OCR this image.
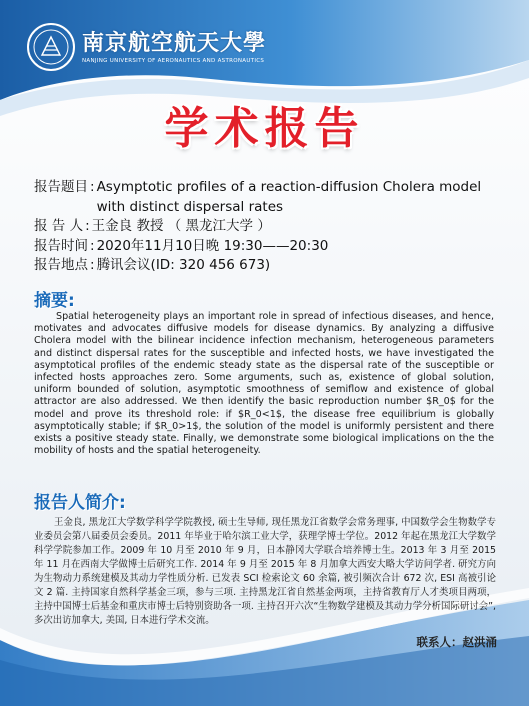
南京航空航天大學
NANJING UNIVERSITY OF AERONAUTICS AND ASTRONAUTICS
学术报告
报告题目 : Asymptotic profiles of a reaction-diffusion Cholera model with distinct dispersal rates
报 告 人 : 王金良 教授 （ 黑龙江大学 ）
报告时间 : 2020年11月10日晚 19:30——20:30
报告地点 : 腾讯会议(ID: 320 456 673)
摘要:
Spatial heterogeneity plays an important role in spread of infectious diseases, and hence, motivates and advocates diffusive models for disease dynamics. By analyzing a diffusive Cholera model with the bilinear incidence infection mechanism, heterogeneous parameters and distinct dispersal rates for the susceptible and infected hosts, we have investigated the asymptotical profiles of the endemic steady state as the dispersal rate of the susceptible or infected hosts approaches zero. Some arguments, such as, existence of global solution, uniform bounded of solution, asymptotic smoothness of semiflow and existence of global attractor are also addressed. We then identify the basic reproduction number $R_0$ for the model and prove its threshold role: if $R_0<1$, the disease free equilibrium is globally asymptotically stable; if $R_0>1$, the solution of the model is uniformly persistent and there exists a positive steady state. Finally, we demonstrate some biological implications on the the mobility of hosts and the spatial heterogeneity.
报告人简介:
王金良, 黑龙江大学数学科学学院教授, 硕士生导师, 现任黑龙江省数学会常务理事, 中国数学会生物数学专业委员会第八届委员会委员。2011 年毕业于哈尔滨工业大学，获理学博士学位。2012 年起在黑龙江大学数学科学学院参加工作。2009 年 10 月至 2010 年 9 月，日本静冈大学联合培养博士生。2013 年 3 月至 2015 年 11 月在西南大学做博士后研究工作. 2014 年 9 月至 2015 年 8 月加拿大西安大略大学访问学者. 研究方向为生物动力系统建模及其动力学性质分析. 已发表 SCI 检索论文 60 余篇, 被引频次合计 672 次, ESI 高被引论文 2 篇. 主持国家自然科学基金三项，参与三项. 主持黑龙江省自然基金两项，主持省教育厅人才类项目两项，主持中国博士后基金和重庆市博士后特别资助各一项. 主持召开六次“生物数学建模及其动力学分析国际研讨会”, 多次出访加拿大, 美国, 日本进行学术交流。
联系人：赵洪涌
